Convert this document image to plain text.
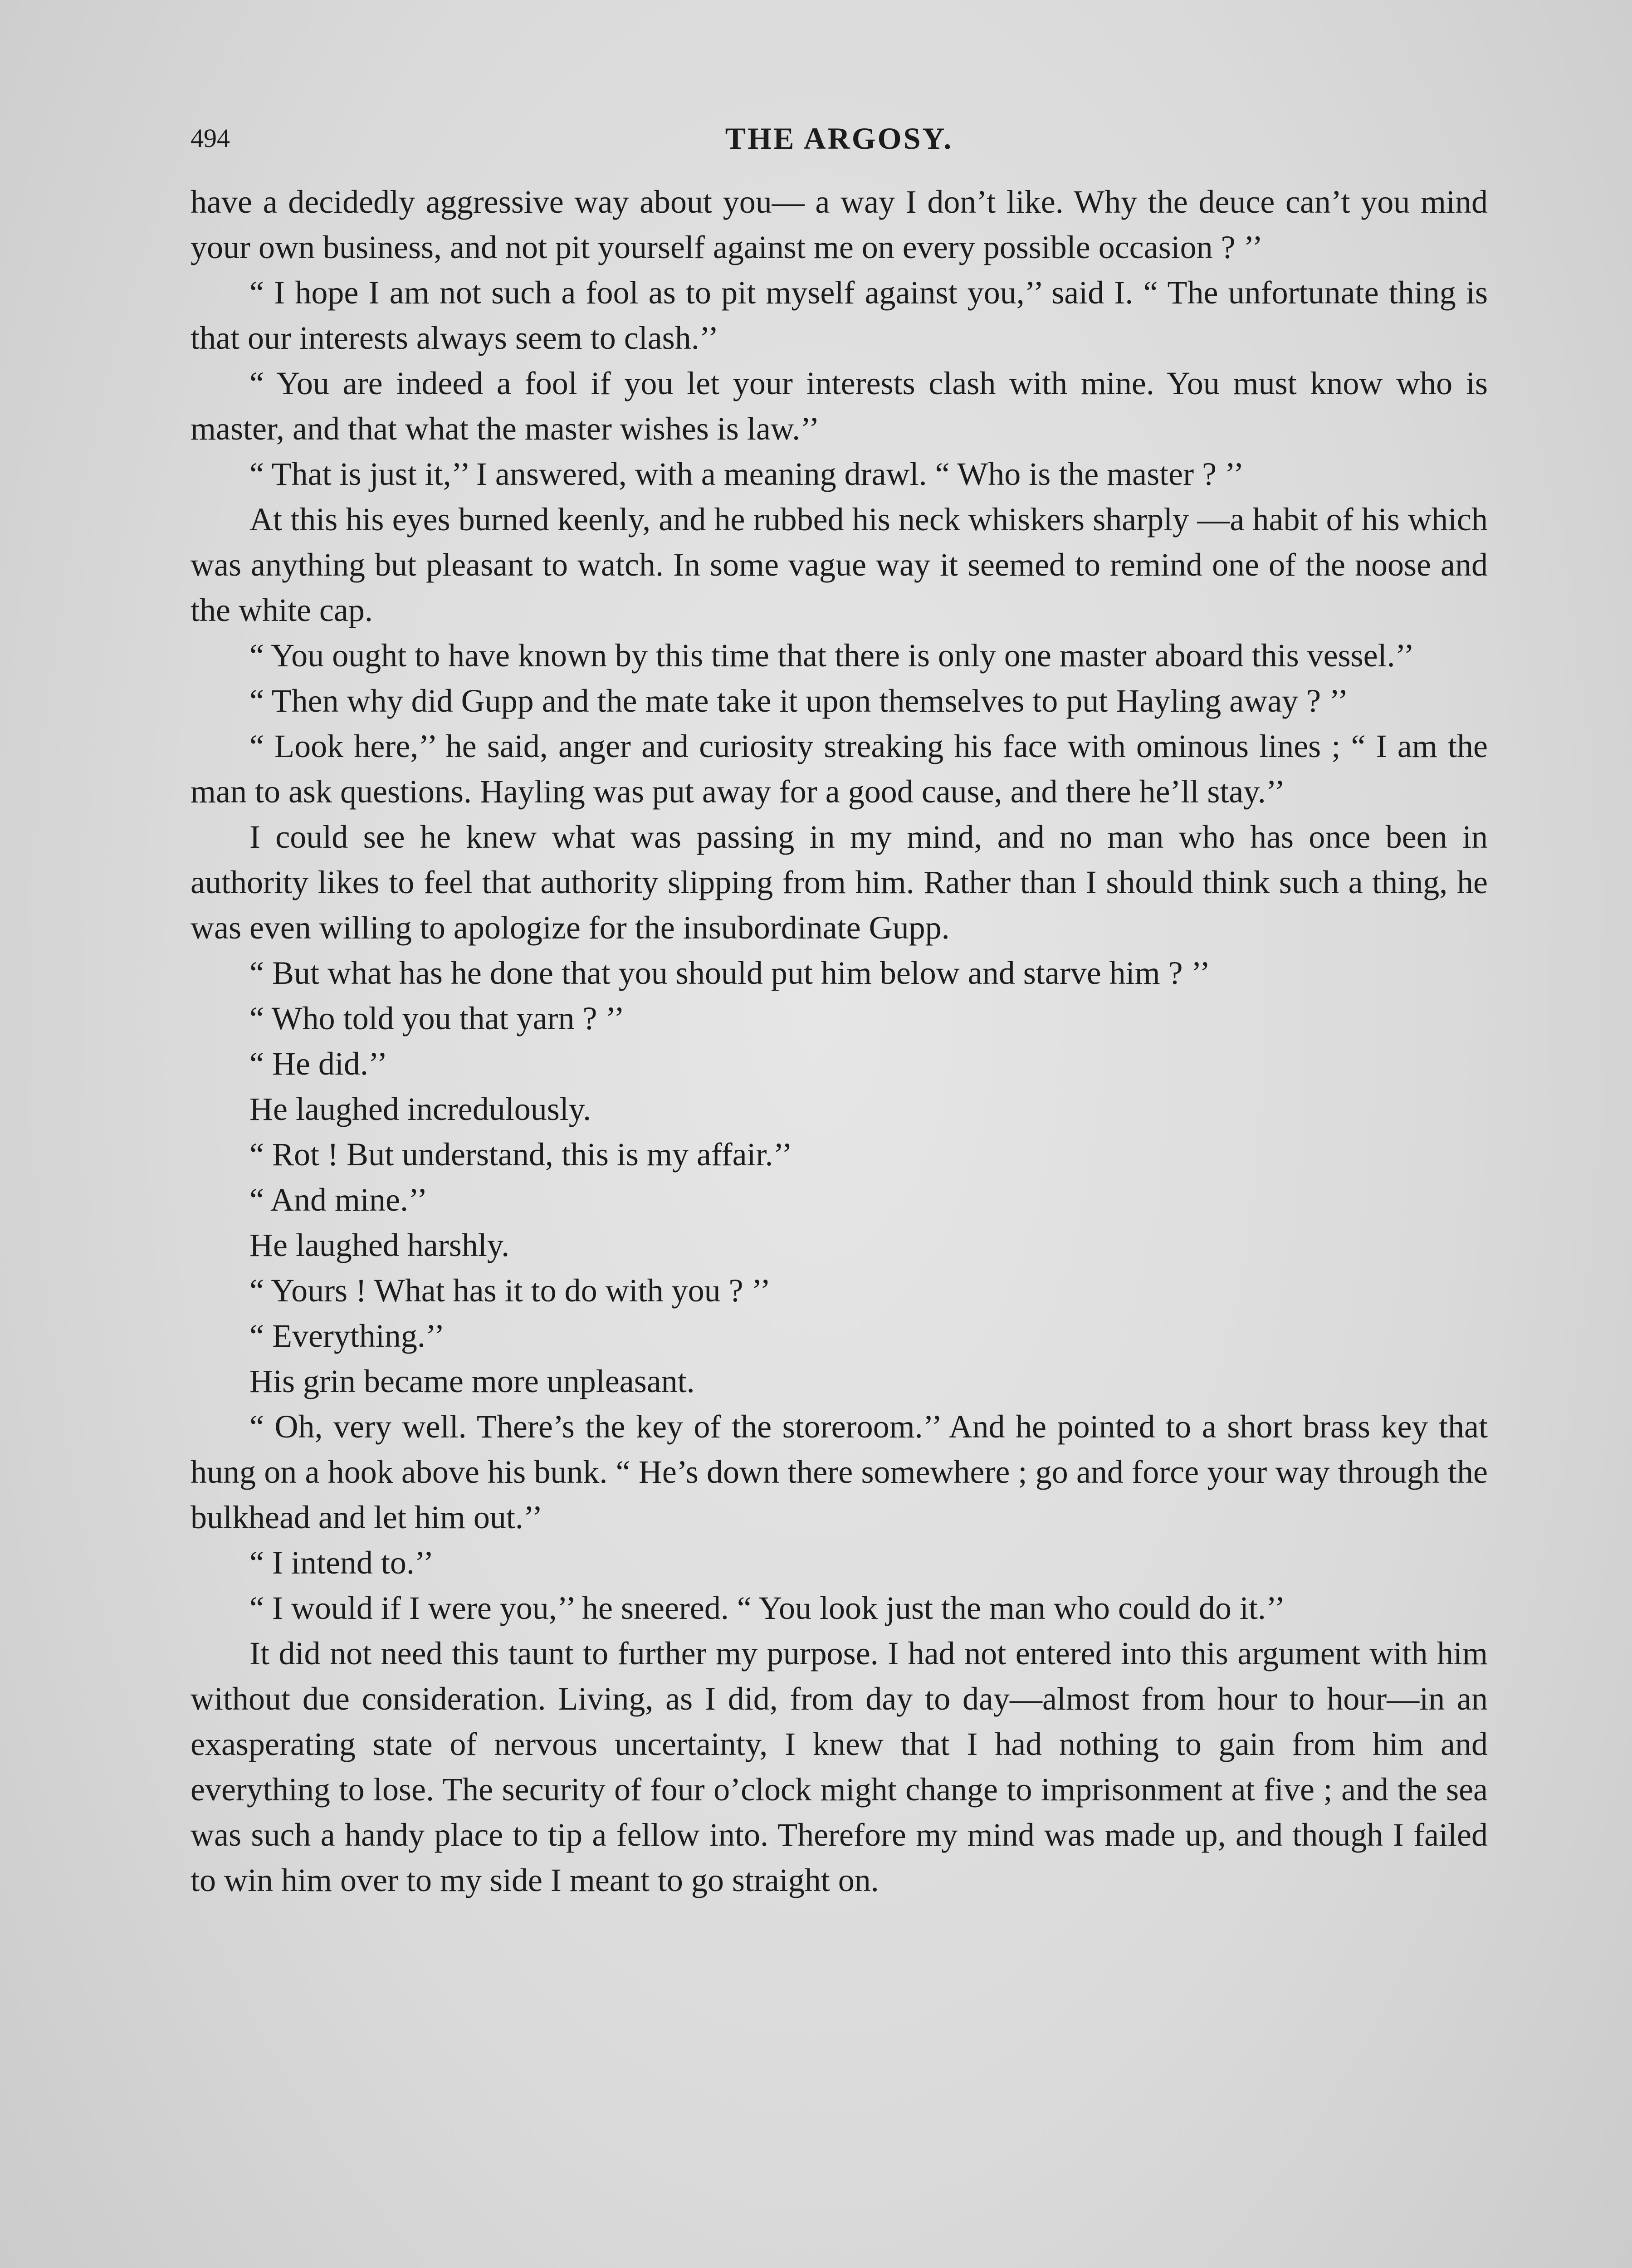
494	THE ARGOSY.

have a decidedly aggressive way about you— a way I don’t like. Why the deuce can’t you mind your own business, and not pit yourself against me on every possible occasion ? ’’

“ I hope I am not such a fool as to pit myself against you,’’ said I. “ The unfortunate thing is that our interests always seem to clash.’’

“ You are indeed a fool if you let your interests clash with mine. You must know who is master, and that what the master wishes is law.’’

“ That is just it,’’ I answered, with a meaning drawl. “ Who is the master ? ’’

At this his eyes burned keenly, and he rubbed his neck whiskers sharply —a habit of his which was anything but pleasant to watch. In some vague way it seemed to remind one of the noose and the white cap.

“ You ought to have known by this time that there is only one master aboard this vessel.’’

“ Then why did Gupp and the mate take it upon themselves to put Hayling away ? ’’

“ Look here,’’ he said, anger and curiosity streaking his face with ominous lines ; “ I am the man to ask questions. Hayling was put away for a good cause, and there he’ll stay.’’

I could see he knew what was passing in my mind, and no man who has once been in authority likes to feel that authority slipping from him. Rather than I should think such a thing, he was even willing to apologize for the insubordinate Gupp.

“ But what has he done that you should put him below and starve him ? ’’

“ Who told you that yarn ? ’’

“ He did.’’

He laughed incredulously.

“ Rot ! But understand, this is my affair.’’

“ And mine.’’

He laughed harshly.

“ Yours ! What has it to do with you ? ’’

“ Everything.’’

His grin became more unpleasant.

“ Oh, very well. There’s the key of the storeroom.’’ And he pointed to a short brass key that hung on a hook above his bunk. “ He’s down there somewhere ; go and force your way through the bulkhead and let him out.’’

“ I intend to.’’

“ I would if I were you,’’ he sneered. “ You look just the man who could do it.’’

It did not need this taunt to further my purpose. I had not entered into this argument with him without due consideration. Living, as I did, from day to day—almost from hour to hour—in an exasperating state of nervous uncertainty, I knew that I had nothing to gain from him and everything to lose. The security of four o’clock might change to imprisonment at five ; and the sea was such a handy place to tip a fellow into. Therefore my mind was made up, and though I failed to win him over to my side I meant to go straight on.
